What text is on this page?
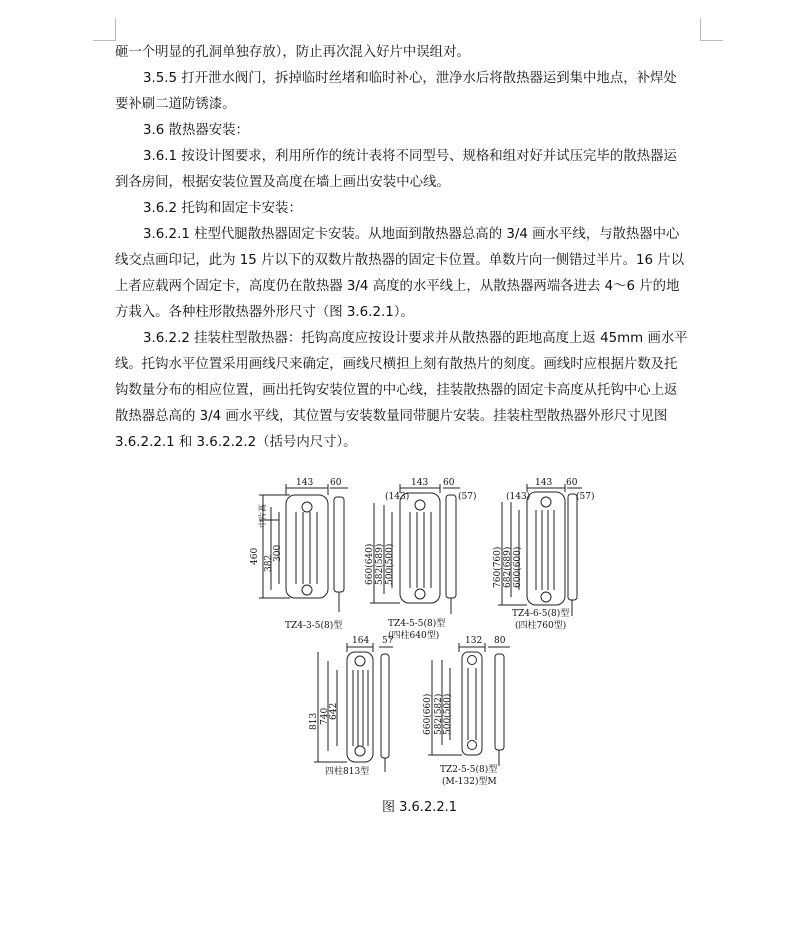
砸一个明显的孔洞单独存放），防止再次混入好片中误组对。
3.5.5 打开泄水阀门，拆掉临时丝堵和临时补心，泄净水后将散热器运到集中地点，补焊处
要补刷二道防锈漆。
3.6 散热器安装：
3.6.1 按设计图要求，利用所作的统计表将不同型号、规格和组对好并试压完毕的散热器运
到各房间，根据安装位置及高度在墙上画出安装中心线。
3.6.2 托钩和固定卡安装：
3.6.2.1 柱型代腿散热器固定卡安装。从地面到散热器总高的 3/4 画水平线，与散热器中心
线交点画印记，此为 15 片以下的双数片散热器的固定卡位置。单数片向一侧错过半片。16 片以
上者应载两个固定卡，高度仍在散热器 3/4 高度的水平线上，从散热器两端各进去 4～6 片的地
方栽入。各种柱形散热器外形尺寸（图 3.6.2.1）。
3.6.2.2 挂装柱型散热器：托钩高度应按设计要求并从散热器的距地高度上返 45mm 画水平
线。托钩水平位置采用画线尺来确定，画线尺横担上刻有散热片的刻度。画线时应根据片数及托
钩数量分布的相应位置，画出托钩安装位置的中心线，挂装散热器的固定卡高度从托钩中心上返
散热器总高的 3/4 画水平线，其位置与安装数量同带腿片安装。挂装柱型散热器外形尺寸见图
3.6.2.2.1 和 3.6.2.2.2（括号内尺寸）。
143 60
460 382
300
中片高
TZ4-3-5(8)型
143
(143)
60
(57)
660(640) 582(589) 500(500)
TZ4-5-5(8)型
(四柱640型)
143
(143)
60
(57)
760(760) 682(689) 600(600)
TZ4-6-5(8)型
(四柱760型)
164 57
813 740 642
四柱813型
132 80
660(660) 582(582) 500(500)
TZ2-5-5(8)型
(M-132)型M
图 3.6.2.2.1
